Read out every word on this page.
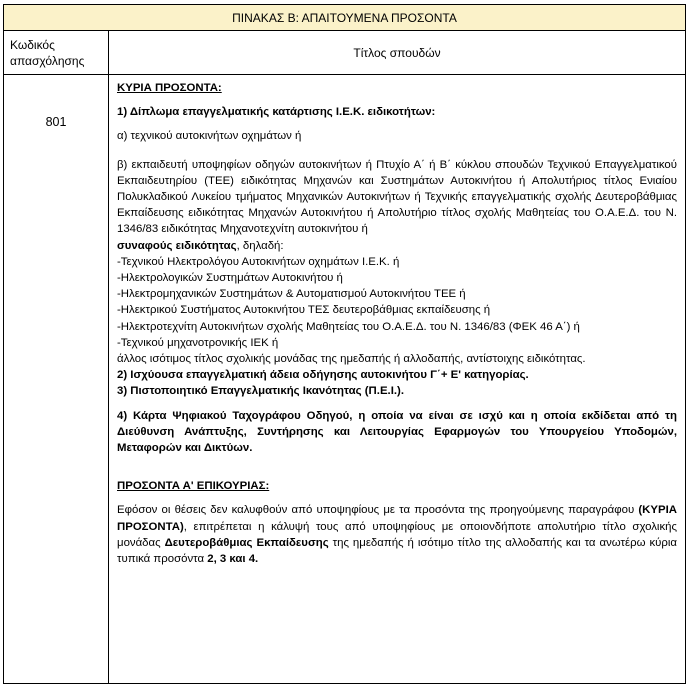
ΠΙΝΑΚΑΣ Β: ΑΠΑΙΤΟΥΜΕΝΑ ΠΡΟΣΟΝΤΑ
Κωδικός
απασχόλησης
Τίτλος σπουδών
801

ΚΥΡΙΑ ΠΡΟΣΟΝΤΑ:

1) Δίπλωμα επαγγελματικής κατάρτισης Ι.Ε.Κ. ειδικοτήτων:

α) τεχνικού αυτοκινήτων οχημάτων ή

β) εκπαιδευτή υποψηφίων οδηγών αυτοκινήτων ή Πτυχίο Α΄ ή Β΄ κύκλου σπουδών Τεχνικού Επαγγελματικού Εκπαιδευτηρίου (ΤΕΕ) ειδικότητας Μηχανών και Συστημάτων Αυτοκινήτου ή Απολυτήριος τίτλος Ενιαίου Πολυκλαδικού Λυκείου τμήματος Μηχανικών Αυτοκινήτων ή Τεχνικής επαγγελματικής σχολής Δευτεροβάθμιας Εκπαίδευσης ειδικότητας Μηχανών Αυτοκινήτου ή Απολυτήριο τίτλος σχολής Μαθητείας του Ο.Α.Ε.Δ. του Ν. 1346/83 ειδικότητας Μηχανοτεχνίτη αυτοκινήτου ή

συναφούς ειδικότητας, δηλαδή:

-Τεχνικού Ηλεκτρολόγου Αυτοκινήτων οχημάτων Ι.Ε.Κ. ή

-Ηλεκτρολογικών Συστημάτων Αυτοκινήτου ή

-Ηλεκτρομηχανικών Συστημάτων & Αυτοματισμού Αυτοκινήτου ΤΕΕ ή

-Ηλεκτρικού Συστήματος Αυτοκινήτου ΤΕΣ δευτεροβάθμιας εκπαίδευσης ή

-Ηλεκτροτεχνίτη Αυτοκινήτων σχολής Μαθητείας του Ο.Α.Ε.Δ. του Ν. 1346/83 (ΦΕΚ 46 Α΄) ή

-Τεχνικού μηχανοτρονικής ΙΕΚ ή

άλλος ισότιμος τίτλος σχολικής μονάδας της ημεδαπής ή αλλοδαπής, αντίστοιχης ειδικότητας.

2) Ισχύουσα επαγγελματική άδεια οδήγησης αυτοκινήτου Γ΄+ Ε' κατηγορίας.

3) Πιστοποιητικό Επαγγελματικής Ικανότητας (Π.Ε.Ι.).

4) Κάρτα Ψηφιακού Ταχογράφου Οδηγού, η οποία να είναι σε ισχύ και η οποία εκδίδεται από τη Διεύθυνση Ανάπτυξης, Συντήρησης και Λειτουργίας Εφαρμογών του Υπουργείου Υποδομών, Μεταφορών και Δικτύων.

ΠΡΟΣΟΝΤΑ Α' ΕΠΙΚΟΥΡΙΑΣ:

Εφόσον οι θέσεις δεν καλυφθούν από υποψηφίους με τα προσόντα της προηγούμενης παραγράφου (ΚΥΡΙΑ ΠΡΟΣΟΝΤΑ), επιτρέπεται η κάλυψή τους από υποψηφίους με οποιονδήποτε απολυτήριο τίτλο σχολικής μονάδας Δευτεροβάθμιας Εκπαίδευσης της ημεδαπής ή ισότιμο τίτλο της αλλοδαπής και τα ανωτέρω κύρια τυπικά προσόντα 2, 3 και 4.
